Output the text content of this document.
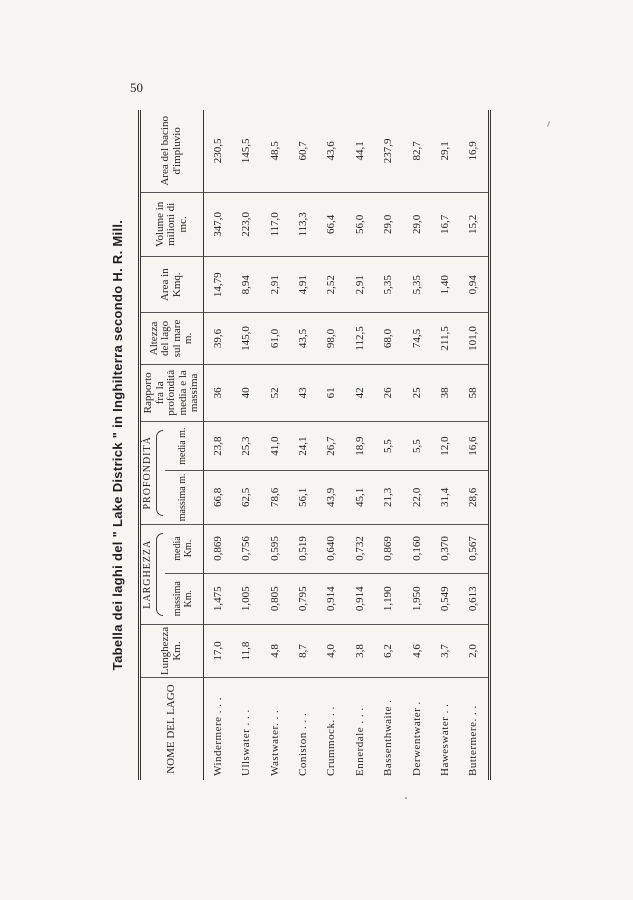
50
Tabella dei laghi del " Lake Districk " in Inghilterra secondo H. R. Mill.
NOME DEL LAGO	Lunghezza Km.	LARGHEZZA		PROFONDITÀ		Rapporto fra la profondità media e la massima	Altezza del lago sul mare m.	Area in Kmq.	Volume in milioni di mc.	Area del bacino d'impluvio
		massima Km.	media Km.	massima m.	media m.					
Windermere . . .	17,0	1,475	0,869	66,8	23,8	36	39,6	14,79	347,0	230,5
Ullswater . . .	11,8	1,005	0,756	62,5	25,3	40	145,0	8,94	223,0	145,5
Wastwater. . .	4,8	0,805	0,595	78,6	41,0	52	61,0	2,91	117,0	48,5
Coniston . . .	8,7	0,795	0,519	56,1	24,1	43	43,5	4,91	113,3	60,7
Crummock. . .	4,0	0,914	0,640	43,9	26,7	61	98,0	2,52	66,4	43,6
Ennerdale . . .	3,8	0,914	0,732	45,1	18,9	42	112,5	2,91	56,0	44,1
Bassenthwaite .	6,2	1,190	0,869	21,3	5,5	26	68,0	5,35	29,0	237,9
Derwentwater .	4,6	1,950	0,160	22,0	5,5	25	74,5	5,35	29,0	82,7
Haweswater . .	3,7	0,549	0,370	31,4	12,0	38	211,5	1,40	16,7	29,1
Buttermere. . .	2,0	0,613	0,567	28,6	16,6	58	101,0	0,94	15,2	16,9
